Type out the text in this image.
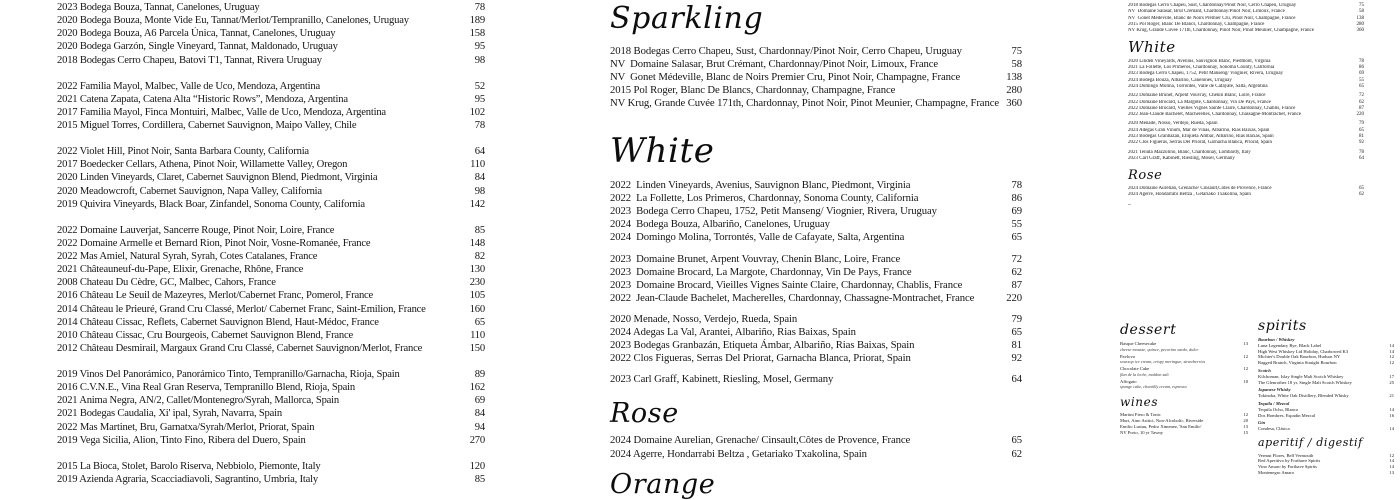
2023 Bodega Bouza, Tannat, Canelones, Uruguay	78
2020 Bodega Bouza, Monte Vide Eu, Tannat/Merlot/Tempranillo, Canelones, Uruguay	189
2020 Bodega Bouza, A6 Parcela Única, Tannat, Canelones, Uruguay	158
2020 Bodega Garzón, Single Vineyard, Tannat, Maldonado, Uruguay	95
2018 Bodegas Cerro Chapeu, Batovi T1, Tannat, Rivera Uruguay	98
2022 Familia Mayol, Malbec, Valle de Uco, Mendoza, Argentina	52
2021 Catena Zapata, Catena Alta “Historic Rows”, Mendoza, Argentina	95
2017 Familia Mayol, Finca Montuiri, Malbec, Valle de Uco, Mendoza, Argentina	102
2015 Miguel Torres, Cordillera, Cabernet Sauvignon, Maipo Valley, Chile	78
2022 Violet Hill, Pinot Noir, Santa Barbara County, California	64
2017 Boedecker Cellars, Athena, Pinot Noir, Willamette Valley, Oregon	110
2020 Linden Vineyards, Claret, Cabernet Sauvignon Blend, Piedmont, Virginia	84
2020 Meadowcroft, Cabernet Sauvignon, Napa Valley, California	98
2019 Quivira Vineyards, Black Boar, Zinfandel, Sonoma County, California	142
2022 Domaine Lauverjat, Sancerre Rouge, Pinot Noir, Loire, France	85
2022 Domaine Armelle et Bernard Rion, Pinot Noir, Vosne-Romanée, France	148
2022 Mas Amiel, Natural Syrah, Syrah, Cotes Catalanes, France	82
2021 Châteauneuf-du-Pape, Elixir, Grenache, Rhône, France	130
2008 Chateau Du Cèdre, GC, Malbec, Cahors, France	230
2016 Château Le Seuil de Mazeyres, Merlot/Cabernet Franc, Pomerol, France	105
2014 Château le Prieuré, Grand Cru Classé, Merlot/ Cabernet Franc, Saint-Emilion, France	160
2014 Château Cissac, Reflets, Cabernet Sauvignon Blend, Haut-Médoc, France	65
2010 Château Cissac, Cru Bourgeois, Cabernet Sauvignon Blend, France	110
2012 Château Desmirail, Margaux Grand Cru Classé, Cabernet Sauvignon/Merlot, France	150
2019 Vinos Del Panorámico, Panorámico Tinto, Tempranillo/Garnacha, Rioja, Spain	89
2016 C.V.N.E., Vina Real Gran Reserva, Tempranillo Blend, Rioja, Spain	162
2021 Anima Negra, AN/2, Callet/Montenegro/Syrah, Mallorca, Spain	69
2021 Bodegas Caudalia, Xi' ipal, Syrah, Navarra, Spain	84
2022 Mas Martinet, Bru, Garnatxa/Syrah/Merlot, Priorat, Spain	94
2019 Vega Sicilia, Alion, Tinto Fino, Ribera del Duero, Spain	270
2015 La Bioca, Stolet, Barolo Riserva, Nebbiolo, Piemonte, Italy	120
2019 Azienda Agraria, Scacciadiavoli, Sagrantino, Umbria, Italy	85
Sparkling
2018 Bodegas Cerro Chapeu, Sust, Chardonnay/Pinot Noir, Cerro Chapeu, Uruguay	75
NV  Domaine Salasar, Brut Crémant, Chardonnay/Pinot Noir, Limoux, France	58
NV  Gonet Médeville, Blanc de Noirs Premier Cru, Pinot Noir, Champagne, France	138
2015 Pol Roger, Blanc De Blancs, Chardonnay, Champagne, France	280
NV Krug, Grande Cuvée 171th, Chardonnay, Pinot Noir, Pinot Meunier, Champagne, France 360
White
2022  Linden Vineyards, Avenius, Sauvignon Blanc, Piedmont, Virginia	78
2022  La Follette, Los Primeros, Chardonnay, Sonoma County, California	86
2023  Bodega Cerro Chapeu, 1752, Petit Manseng/ Viognier, Rivera, Uruguay	69
2024  Bodega Bouza, Albariño, Canelones, Uruguay	55
2024  Domingo Molina, Torrontés, Valle de Cafayate, Salta, Argentina	65
2023  Domaine Brunet, Arpent Vouvray, Chenin Blanc, Loire, France	72
2023  Domaine Brocard, La Margote, Chardonnay, Vin De Pays, France	62
2023  Domaine Brocard, Vieilles Vignes Sainte Claire, Chardonnay, Chablis, France	87
2022  Jean-Claude Bachelet, Macherelles, Chardonnay, Chassagne-Montrachet, France	220
2020 Menade, Nosso, Verdejo, Rueda, Spain	79
2024 Adegas La Val, Arantei, Albariño, Rias Baixas, Spain	65
2023 Bodegas Granbazán, Etiqueta Ámbar, Albariño, Rias Baixas, Spain	81
2022 Clos Figueras, Serras Del Priorat, Garnacha Blanca, Priorat, Spain	92
2023 Carl Graff, Kabinett, Riesling, Mosel, Germany	64
Rose
2024 Domaine Aurelian, Grenache/ Cinsault,Côtes de Provence, France	65
2024 Agerre, Hondarrabi Beltza , Getariako Txakolina, Spain	62
Orange
2018 Bodegas Cerro Chapeu, Sust, Chardonnay/Pinot Noir, Cerro Chapeu, Uruguay	75
NV  Domaine Salasar, Brut Crémant, Chardonnay/Pinot Noir, Limoux, France	58
NV  Gonet Médeville, Blanc de Noirs Premier Cru, Pinot Noir, Champagne, France	138
2015 Pol Roger, Blanc De Blancs, Chardonnay, Champagne, France	280
NV Krug, Grande Cuvée 171th, Chardonnay, Pinot Noir, Pinot Meunier, Champagne, France	360
White
2020 Linden Vineyards, Avenius, Sauvignon Blanc, Piedmont, Virginia	78
2021 La Follette, Los Primeros, Chardonnay, Sonoma County, California	86
2023 Bodega Cerro Chapeu, 1752, Petit Manseng/ Viognier, Rivera, Uruguay	69
2024 Bodega Bouza, Albariño, Canelones, Uruguay	55
2024 Domingo Molina, Torrontés, Valle de Cafayate, Salta, Argentina	65
2022 Domaine Brunet, Arpent Vouvray, Chenin Blanc, Loire, France	72
2022 Domaine Brocard, La Margote, Chardonnay, Vin De Pays, France	62
2022 Domaine Brocard, Vieilles Vignes Sainte Claire, Chardonnay, Chablis, France	87
2022 Jean-Claude Bachelet, Macherelles, Chardonnay, Chassagne-Montrachet, France	220
2020 Menade, Nosso, Verdejo, Rueda, Spain	79
2024 Adegas Gran Vinum, Mar de Viñas, Albariño, Rias Baixas, Spain	65
2023 Bodegas Granbazán, Etiqueta Ámbar, Albariño, Rias Baixas, Spain	81
2022 Clos Figueras, Serras Del Priorat, Garnacha Blanca, Priorat, Spain	92
2021 Tenuta Mazzolino, Blanc, Chardonnay, Lombardy, Italy	78
2023 Carl Graff, Kabinett, Riesling, Mosel, Germany	64
Rose
2024 Domaine Aurelian, Grenache/ Cinsault,Côtes de Provence, France	65
2024 Agerre, Hondarrabi Beltza , Getariako Txakolina, Spain	62
–
dessert
Basque Cheesecake	13
cheese mousse, quince, pecorino sardo, dulce
Pavlova	12
soursop ice cream, crispy meringue, strawberries
Chocolate Cake	12
flan de la leche, maldon salt
Affogato	10
sponge cake, chantilly cream, espresso
wines
Martini Fiero & Tonic	12
Muri, Aino Asitici, Non-Alcoholic, Riverside	20
Emilio Lustau, Pedro Ximenez, 'San Emilio'	13
NV Porto, 10 yr Tawny	15
spirits
Bourbon / Whiskey
Luna Legendary Rye, Black Label	14
High West Whiskey Ltd Holiday, Charbowed K3	14
Michter's Double Oak Bourbon, Hudson NY	12
Ragged Branch, Virginia Straight Bourbon	12
Scotch
Kilchoman, Islay Single Malt Scotch Whiskey	17
The Glenrothes 18 yr, Single Malt Scotch Whiskey	25
Japanese Whisky
Tokinoka, White Oak Distillery, Blended Whisky	21
Tequila / Mezcal
Tequila Ocho, Blanco	14
Dos Hombres, Espadin Mezcal	16
Gin
Condesa, Clásica	14
aperitif / digestif
Vermut Flores, Bell Vermouth	12
Red Aperitivo by Forthave Spirits	14
Vino Amaro by Forthave Spirits	14
Montenegro Amaro	13
